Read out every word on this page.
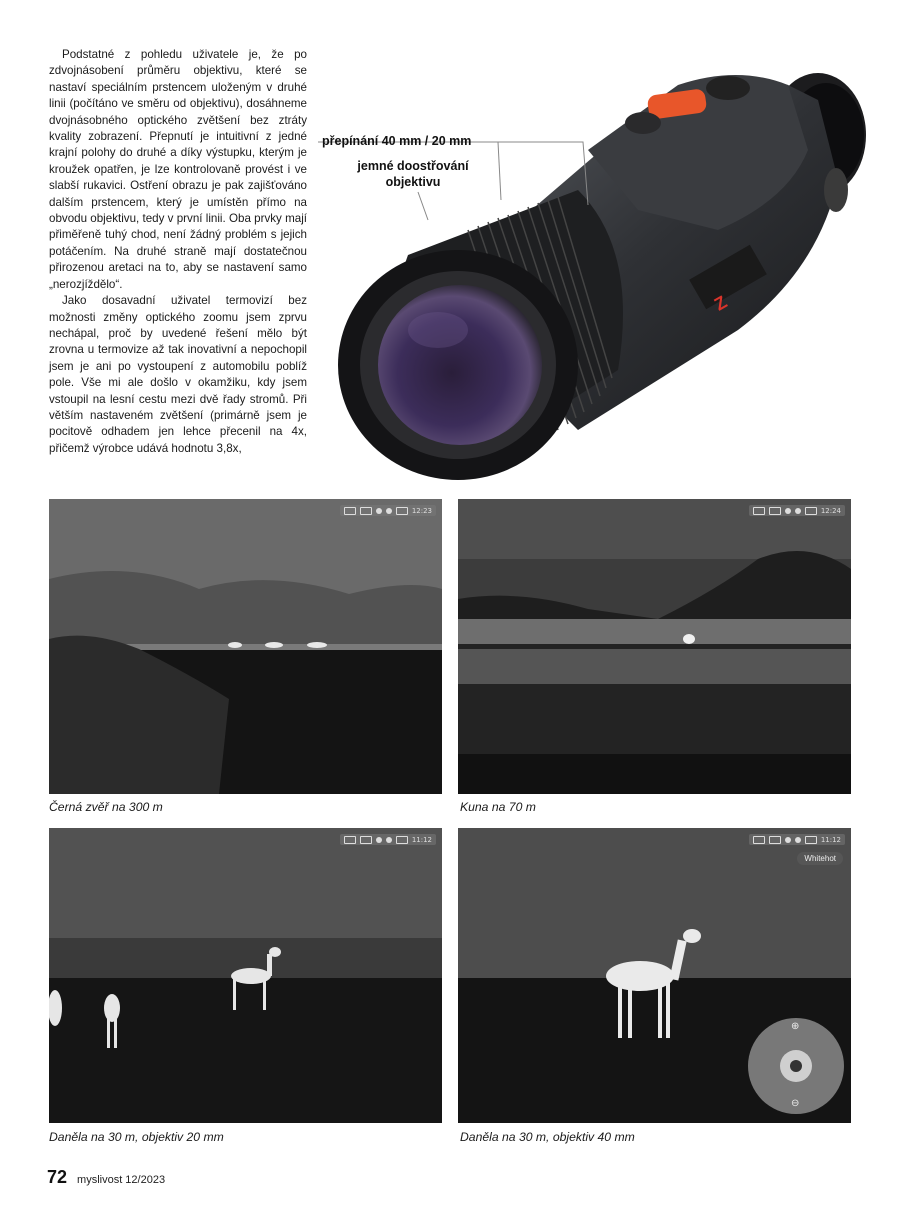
Podstatné z pohledu uživatele je, že po zdvojnásobení průměru objektivu, které se nastaví speciálním prstencem uloženým v druhé linii (počítáno ve směru od objektivu), dosáhneme dvojnásobného optického zvětšení bez ztráty kvality zobrazení. Přepnutí je intuitivní z jedné krajní polohy do druhé a díky výstupku, kterým je kroužek opatřen, je lze kontrolovaně provést i ve slabší rukavici. Ostření obrazu je pak zajišťováno dalším prstencem, který je umístěn přímo na obvodu objektivu, tedy v první linii. Oba prvky mají přiměřeně tuhý chod, není žádný problém s jejich potáčením. Na druhé straně mají dostatečnou přirozenou aretaci na to, aby se nastavení samo „nerozjíždělo“.

Jako dosavadní uživatel termovizí bez možnosti změny optického zoomu jsem zprvu nechápal, proč by uvedené řešení mělo být zrovna u termovize až tak inovativní a nepochopil jsem je ani po vystoupení z automobilu poblíž pole. Vše mi ale došlo v okamžiku, kdy jsem vstoupil na lesní cestu mezi dvě řady stromů. Při větším nastaveném zvětšení (primárně jsem je pocitově odhadem jen lehce přecenil na 4x, přičemž výrobce udává hodnotu 3,8x,

Z
přepínání 40 mm / 20 mm
jemné doostřování
objektivu
12:23
Černá zvěř na 300 m
12:24
Kuna na 70 m
11:12
Daněla na 30 m, objektiv 20 mm
11:12
Whitehot
⊕
⊖
Daněla na 30 m, objektiv 40 mm
72 myslivost 12/2023
